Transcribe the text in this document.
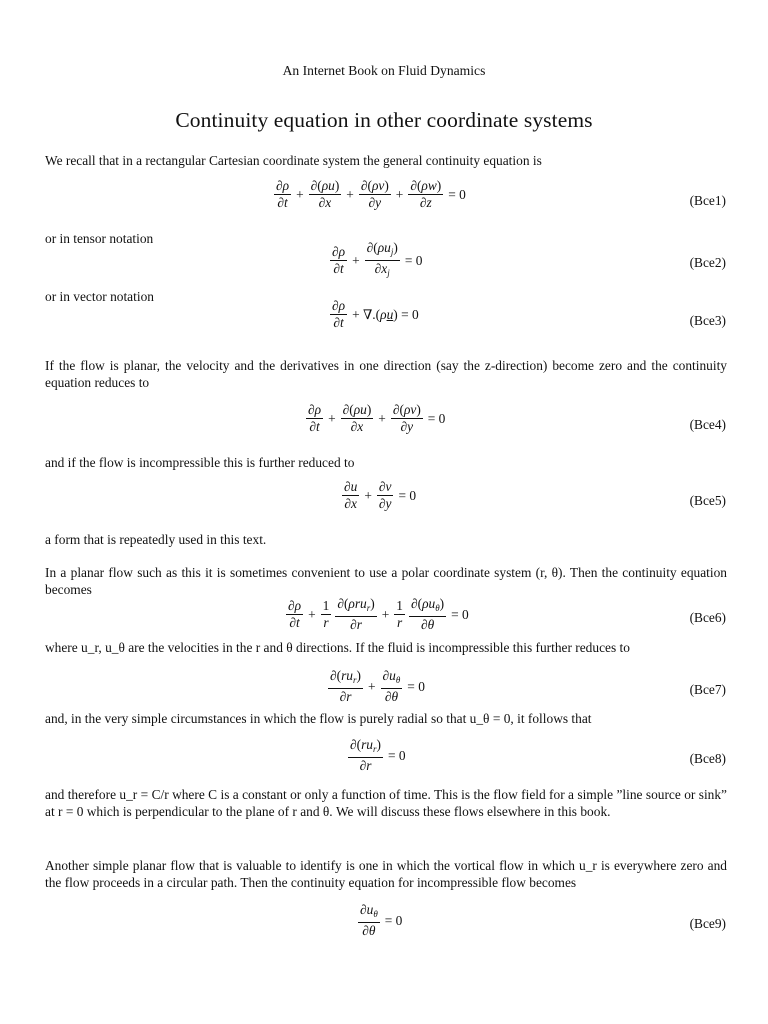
An Internet Book on Fluid Dynamics
Continuity equation in other coordinate systems
We recall that in a rectangular Cartesian coordinate system the general continuity equation is
$\frac{\partial\rho}{\partial t} + \frac{\partial(\rho u)}{\partial x} + \frac{\partial(\rho v)}{\partial y} + \frac{\partial(\rho w)}{\partial z} = 0$	(Bce1)
or in tensor notation
$\frac{\partial\rho}{\partial t} + \frac{\partial(\rho u_j)}{\partial x_j} = 0$	(Bce2)
or in vector notation
$\frac{\partial\rho}{\partial t} + \nabla.(\rho u) = 0$	(Bce3)
If the flow is planar, the velocity and the derivatives in one direction (say the z-direction) become zero and the continuity equation reduces to
$\frac{\partial\rho}{\partial t} + \frac{\partial(\rho u)}{\partial x} + \frac{\partial(\rho v)}{\partial y} = 0$	(Bce4)
and if the flow is incompressible this is further reduced to
$\frac{\partial u}{\partial x} + \frac{\partial v}{\partial y} = 0$	(Bce5)
a form that is repeatedly used in this text.
In a planar flow such as this it is sometimes convenient to use a polar coordinate system (r, θ). Then the continuity equation becomes
$\frac{\partial\rho}{\partial t} + \frac{1}{r} \frac{\partial(\rho ru_r)}{\partial r} + \frac{1}{r} \frac{\partial(\rho u_\theta)}{\partial\theta} = 0$	(Bce6)
where u_r, u_θ are the velocities in the r and θ directions. If the fluid is incompressible this further reduces to
$\frac{\partial(ru_r)}{\partial r} + \frac{\partial u_\theta}{\partial\theta} = 0$	(Bce7)
and, in the very simple circumstances in which the flow is purely radial so that u_θ = 0, it follows that
$\frac{\partial(ru_r)}{\partial r} = 0$	(Bce8)
and therefore u_r = C/r where C is a constant or only a function of time. This is the flow field for a simple ”line source or sink” at r = 0 which is perpendicular to the plane of r and θ. We will discuss these flows elsewhere in this book.
Another simple planar flow that is valuable to identify is one in which the vortical flow in which u_r is everywhere zero and the flow proceeds in a circular path. Then the continuity equation for incompressible flow becomes
$\frac{\partial u_\theta}{\partial\theta} = 0$	(Bce9)
